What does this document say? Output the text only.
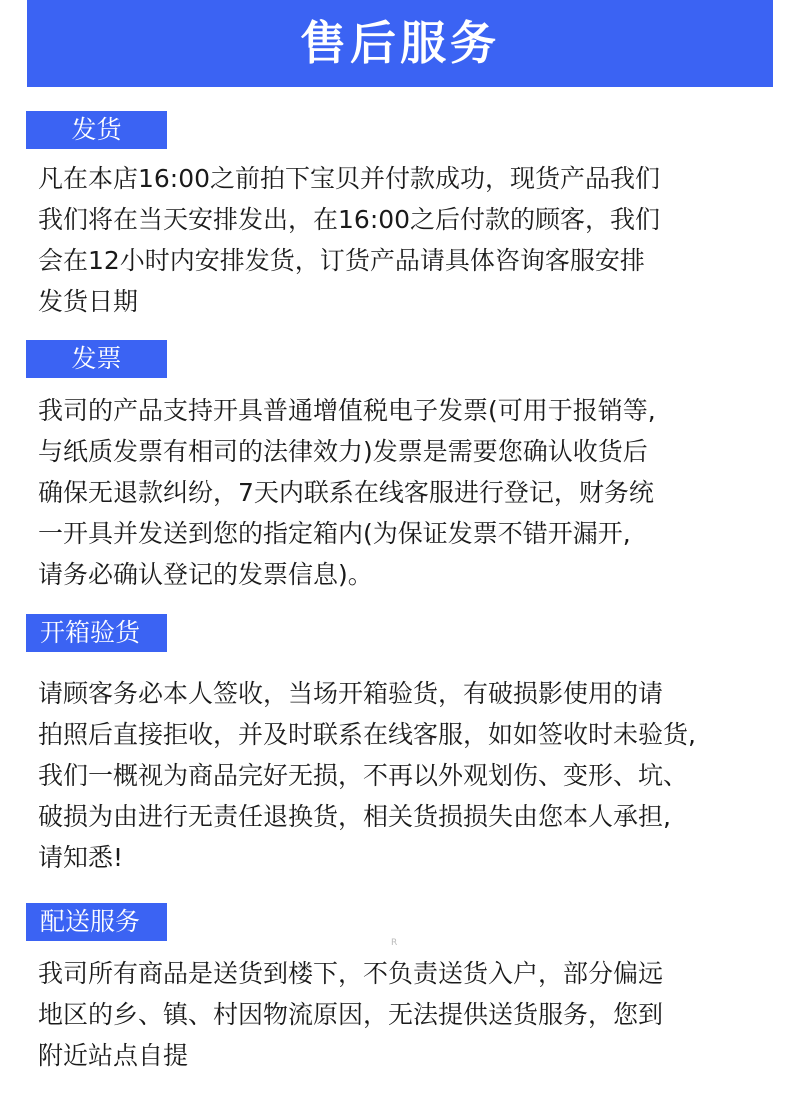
售后服务
发货

凡在本店16:00之前拍下宝贝并付款成功，现货产品我们
我们将在当天安排发出，在16:00之后付款的顾客，我们
会在12小时内安排发货，订货产品请具体咨询客服安排
发货日期

发票

我司的产品支持开具普通增值税电子发票(可用于报销等,
与纸质发票有相司的法律效力)发票是需要您确认收货后
确保无退款纠纷，7天内联系在线客服进行登记，财务统
一开具并发送到您的指定箱内(为保证发票不错开漏开,
请务必确认登记的发票信息)。

开箱验货

请顾客务必本人签收，当场开箱验货，有破损影使用的请
拍照后直接拒收，并及时联系在线客服，如如签收时未验货,
我们一概视为商品完好无损，不再以外观划伤、变形、坑、
破损为由进行无责任退换货，相关货损损失由您本人承担,
请知悉!

配送服务

我司所有商品是送货到楼下，不负责送货入户，部分偏远
地区的乡、镇、村因物流原因，无法提供送货服务，您到
附近站点自提

R
